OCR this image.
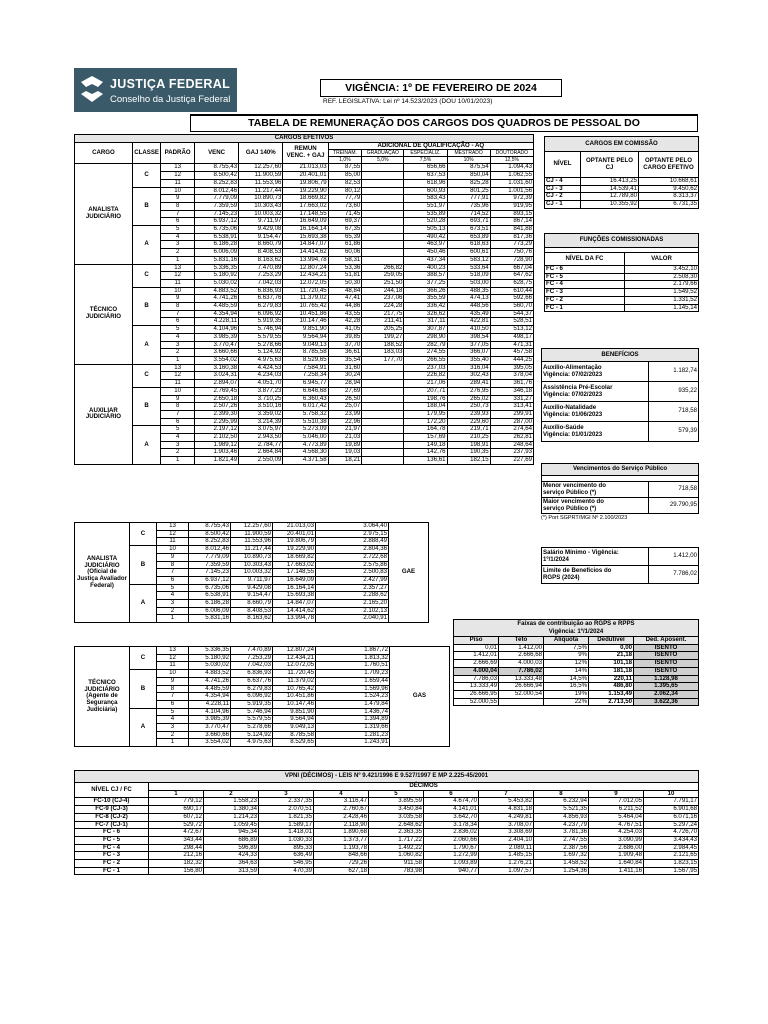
JUSTIÇA FEDERAL
Conselho da Justiça Federal
VIGÊNCIA: 1º DE FEVEREIRO DE 2024
REF. LEGISLATIVA: Lei nº 14.523/2023 (DOU 10/01/2023)
TABELA DE REMUNERAÇÃO DOS CARGOS DOS QUADROS DE PESSOAL DO
CARGOS EFETIVOS										
CARGO	CLASSE	PADRÃO	VENC	GAJ 140%	REMUN VENC. + GAJ	ADICIONAL DE QUALIFICAÇÃO - AQ				
						TREINAM.	GRADUAÇÃO	ESPECIALIZ.	MESTRADO	DOUTORADO
						1,0%	5,0%	7,5%	10%	12,5%
ANALISTA JUDICIÁRIO	C	13	8.755,43	12.257,60	21.013,03	87,55		656,66	875,54	1.094,43
		12	8.500,42	11.900,59	20.401,01	85,00		637,53	850,04	1.062,55
		11	8.252,83	11.553,96	19.806,79	82,53		618,96	825,28	1.031,60
	B	10	8.012,46	11.217,44	19.229,90	80,12		600,93	801,25	1.001,56
		9	7.779,09	10.890,73	18.669,82	77,79		583,43	777,91	972,39
		8	7.359,59	10.303,43	17.663,02	73,60		551,97	735,96	919,95
		7	7.145,23	10.003,32	17.148,55	71,45		535,89	714,52	893,15
		6	6.937,12	9.711,97	16.649,09	69,37		520,28	693,71	867,14
	A	5	6.735,06	9.429,08	16.164,14	67,35		505,13	673,51	841,88
		4	6.538,91	9.154,47	15.693,38	65,39		490,42	653,89	817,36
		3	6.186,28	8.660,79	14.847,07	61,86		463,97	618,63	773,29
		2	6.006,09	8.408,53	14.414,62	60,06		450,46	600,61	750,76
		1	5.831,16	8.163,62	13.994,78	58,31		437,34	583,12	728,90
TÉCNICO JUDICIÁRIO	C	13	5.336,35	7.470,89	12.807,24	53,36	266,82	400,23	533,64	667,04
		12	5.180,92	7.253,29	12.434,21	51,81	259,05	388,57	518,09	647,62
		11	5.030,02	7.042,03	12.072,05	50,30	251,50	377,25	503,00	628,75
	B	10	4.883,52	6.836,93	11.720,45	48,84	244,18	366,26	488,35	610,44
		9	4.741,26	6.637,76	11.379,02	47,41	237,06	355,59	474,13	592,66
		8	4.485,59	6.279,83	10.765,42	44,86	224,28	336,42	448,56	560,70
		7	4.354,94	6.096,92	10.451,86	43,55	217,75	326,62	435,49	544,37
		6	4.228,11	5.919,35	10.147,46	42,28	211,41	317,11	422,81	528,51
	A	5	4.104,96	5.746,94	9.851,90	41,05	205,25	307,87	410,50	513,12
		4	3.985,39	5.579,55	9.564,94	39,85	199,27	298,90	398,54	498,17
		3	3.770,47	5.278,66	9.049,13	37,70	188,52	282,79	377,05	471,31
		2	3.660,66	5.124,92	8.785,58	36,61	183,03	274,55	366,07	457,58
		1	3.554,02	4.975,63	8.529,65	35,54	177,70	266,55	355,40	444,25
AUXILIAR JUDICIÁRIO	C	13	3.160,38	4.424,53	7.584,91	31,60		237,03	316,04	395,05
		12	3.024,31	4.234,03	7.258,34	30,24		226,82	302,43	378,04
		11	2.894,07	4.051,70	6.945,77	28,94		217,06	289,41	361,76
	B	10	2.769,45	3.877,23	6.646,68	27,69		207,71	276,95	346,18
		9	2.650,18	3.710,25	6.360,43	26,50		198,76	265,02	331,27
		8	2.507,26	3.510,16	6.017,42	25,07		188,04	250,73	313,41
		7	2.399,30	3.359,02	5.758,32	23,99		179,95	239,93	299,91
		6	2.295,99	3.214,39	5.510,38	22,96		172,20	229,60	287,00
	A	5	2.197,12	3.075,97	5.273,09	21,97		164,78	219,71	274,64
		4	2.102,50	2.943,50	5.046,00	21,03		157,69	210,25	262,81
		3	1.989,12	2.784,77	4.773,89	19,89		149,18	198,91	248,64
		2	1.903,46	2.664,84	4.568,30	19,03		142,76	190,35	237,93
		1	1.821,49	2.550,09	4.371,58	18,21		136,61	182,15	227,69
CARGOS EM COMISSÃO		
NÍVEL	OPTANTE PELO CJ	OPTANTE PELO CARGO EFETIVO
CJ - 4	16.413,25	10.668,61
CJ - 3	14.539,41	9.450,62
CJ - 2	12.789,80	8.313,37
CJ - 1	10.355,92	6.731,35
FUNÇÕES COMISSIONADAS	

NÍVEL DA FC	VALOR
FC - 6	3.452,10
FC - 5	2.508,30
FC - 4	2.179,66
FC - 3	1.549,52
FC - 2	1.331,52
FC - 1	1.145,14
BENEFÍCIOS	
Auxílio-Alimentação
Vigência: 07/02/2023	1.182,74
Assistência Pré-Escolar
Vigência: 07/02/2023	935,22
Auxílio-Natalidade
Vigência: 01/06/2023	718,58
Auxílio-Saúde
Vigência: 01/01/2023	579,39
Vencimentos do Serviço Público	

Menor vencimento do
serviço Público (*)	718,58
Maior vencimento do
serviço Público (*)	29.790,95
(*) Port SGPRT/MGI Nº 2.100/2023
ANALISTA JUDICIÁRIO (Oficial de Justiça Avaliador Federal)	C	13	8.755,43	12.257,60	21.013,03	3.064,40	GAE	
		12	8.500,42	11.900,59	20.401,01	2.975,15		
		11	8.252,83	11.553,96	19.806,79	2.888,49		
	B	10	8.012,46	11.217,44	19.229,90	2.804,36		
		9	7.779,09	10.890,73	18.669,82	2.722,68		
		8	7.359,59	10.303,43	17.663,02	2.575,86		
		7	7.145,23	10.003,32	17.148,55	2.500,83		
		6	6.937,12	9.711,97	16.649,09	2.427,99		
	A	5	6.735,06	9.429,08	16.164,14	2.357,27		
		4	6.538,91	9.154,47	15.693,38	2.288,62		
		3	6.186,28	8.660,79	14.847,07	2.165,20		
		2	6.006,09	8.408,53	14.414,62	2.102,13		
		1	5.831,16	8.163,62	13.994,78	2.040,91		
Salário Mínimo - Vigência:
1º/1/2024	1.412,00
Limite de Benefícios do
RGPS (2024)	7.786,02
Faixas de contribuição ao RGPS e RPPS
Vigência: 1º/1/2024				
Piso	Teto	Alíquota	Dedutível	Ded. Aposent.
0,01	1.412,00	7,5%	0,00	ISENTO
1.412,01	2.666,68	9%	21,18	ISENTO
2.666,69	4.000,03	12%	101,18	ISENTO
4.000,04	7.786,02	14%	181,18	ISENTO
7.786,03	13.333,48	14,5%	220,11	1.128,98
13.333,49	26.666,94	16,5%	486,80	1.395,65
26.666,95	52.000,54	19%	1.153,49	2.062,34
52.000,55		22%	2.713,50	3.622,36
TÉCNICO JUDICIÁRIO (Agente de Segurança Judiciária)	C	13	5.336,35	7.470,89	12.807,24	1.867,72	GAS
		12	5.180,92	7.253,29	12.434,21	1.813,32	
		11	5.030,02	7.042,03	12.072,05	1.760,51	
	B	10	4.883,52	6.836,93	11.720,45	1.709,23	
		9	4.741,26	6.637,76	11.379,02	1.659,44	
		8	4.485,59	6.279,83	10.765,42	1.569,96	
		7	4.354,94	6.096,92	10.451,86	1.524,23	
		6	4.228,11	5.919,35	10.147,46	1.479,84	
	A	5	4.104,96	5.746,94	9.851,90	1.436,74	
		4	3.985,39	5.579,55	9.564,94	1.394,89	
		3	3.770,47	5.278,66	9.049,13	1.319,66	
		2	3.660,66	5.124,92	8.785,58	1.281,23	
		1	3.554,02	4.975,63	8.529,65	1.243,91	
VPNI (DÉCIMOS) - LEIS Nº 9.421/1996 E 9.527/1997 E MP 2.225-45/2001										
NÍVEL CJ / FC	DÉCIMOS									
	1	2	3	4	5	6	7	8	9	10
FC-10 (CJ-4)	779,12	1.558,23	2.337,35	3.116,47	3.895,59	4.674,70	5.453,82	6.232,94	7.012,05	7.791,17
FC-9 (CJ-3)	690,17	1.380,34	2.070,51	2.760,67	3.450,84	4.141,01	4.831,18	5.521,35	6.211,52	6.901,68
FC-8 (CJ-2)	607,12	1.214,23	1.821,35	2.428,46	3.035,58	3.642,70	4.249,81	4.856,93	5.464,04	6.071,16
FC-7 (CJ-1)	529,72	1.059,45	1.589,17	2.118,90	2.648,62	3.178,34	3.708,07	4.237,79	4.767,51	5.297,24
FC - 6	472,67	945,34	1.418,01	1.890,68	2.363,35	2.836,02	3.308,69	3.781,36	4.254,03	4.726,70
FC - 5	343,44	686,89	1.030,33	1.373,77	1.717,22	2.060,66	2.404,10	2.747,55	3.090,99	3.434,43
FC - 4	298,44	596,89	895,33	1.193,78	1.492,22	1.790,67	2.089,11	2.387,56	2.686,00	2.984,45
FC - 3	212,16	424,33	636,49	848,66	1.060,82	1.272,99	1.485,15	1.697,32	1.909,48	2.121,65
FC - 2	182,32	364,63	546,95	729,26	911,58	1.093,89	1.276,21	1.458,52	1.640,84	1.823,15
FC - 1	156,80	313,59	470,39	627,18	783,98	940,77	1.097,57	1.254,36	1.411,16	1.567,95
